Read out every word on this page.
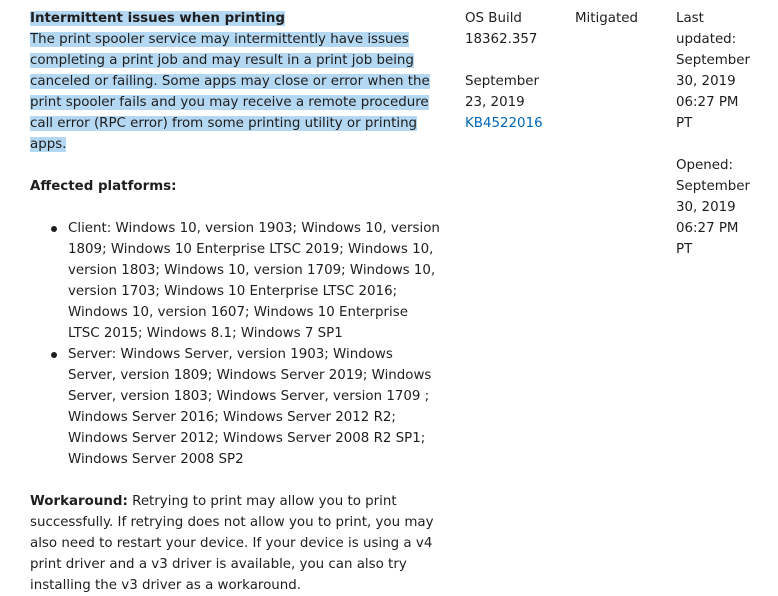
Intermittent issues when printing

The print spooler service may intermittently have issues completing a print job and may result in a print job being canceled or failing. Some apps may close or error when the print spooler fails and you may receive a remote procedure call error (RPC error) from some printing utility or printing apps.

Affected platforms:

Client: Windows 10, version 1903; Windows 10, version 1809; Windows 10 Enterprise LTSC 2019; Windows 10, version 1803; Windows 10, version 1709; Windows 10, version 1703; Windows 10 Enterprise LTSC 2016; Windows 10, version 1607; Windows 10 Enterprise LTSC 2015; Windows 8.1; Windows 7 SP1
Server: Windows Server, version 1903; Windows Server, version 1809; Windows Server 2019; Windows Server, version 1803; Windows Server, version 1709 ; Windows Server 2016; Windows Server 2012 R2; Windows Server 2012; Windows Server 2008 R2 SP1; Windows Server 2008 SP2

Workaround: Retrying to print may allow you to print successfully. If retrying does not allow you to print, you may also need to restart your device. If your device is using a v4 print driver and a v3 driver is available, you can also try installing the v3 driver as a workaround.

OS Build
18362.357
September
23, 2019
KB4522016
Mitigated	Last
updated:
September
30, 2019
06:27 PM
PT
Opened:
September
30, 2019
06:27 PM
PT
